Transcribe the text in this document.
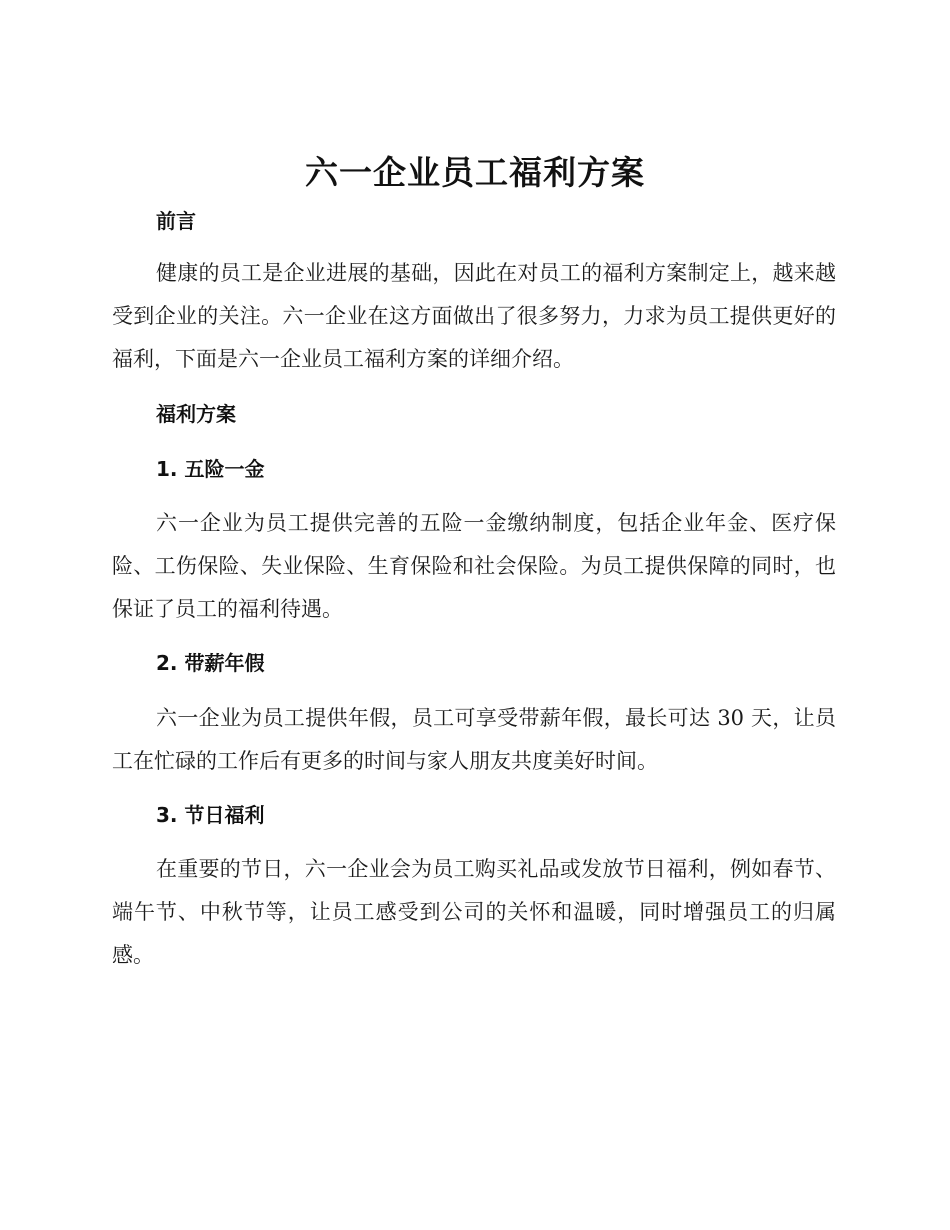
六一企业员工福利方案
前言

健康的员工是企业进展的基础，因此在对员工的福利方案制定上，越来越受到企业的关注。六一企业在这方面做出了很多努力，力求为员工提供更好的福利，下面是六一企业员工福利方案的详细介绍。

福利方案
1. 五险一金

六一企业为员工提供完善的五险一金缴纳制度，包括企业年金、医疗保险、工伤保险、失业保险、生育保险和社会保险。为员工提供保障的同时，也保证了员工的福利待遇。

2. 带薪年假

六一企业为员工提供年假，员工可享受带薪年假，最长可达 30 天，让员工在忙碌的工作后有更多的时间与家人朋友共度美好时间。

3. 节日福利

在重要的节日，六一企业会为员工购买礼品或发放节日福利，例如春节、端午节、中秋节等，让员工感受到公司的关怀和温暖，同时增强员工的归属感。
